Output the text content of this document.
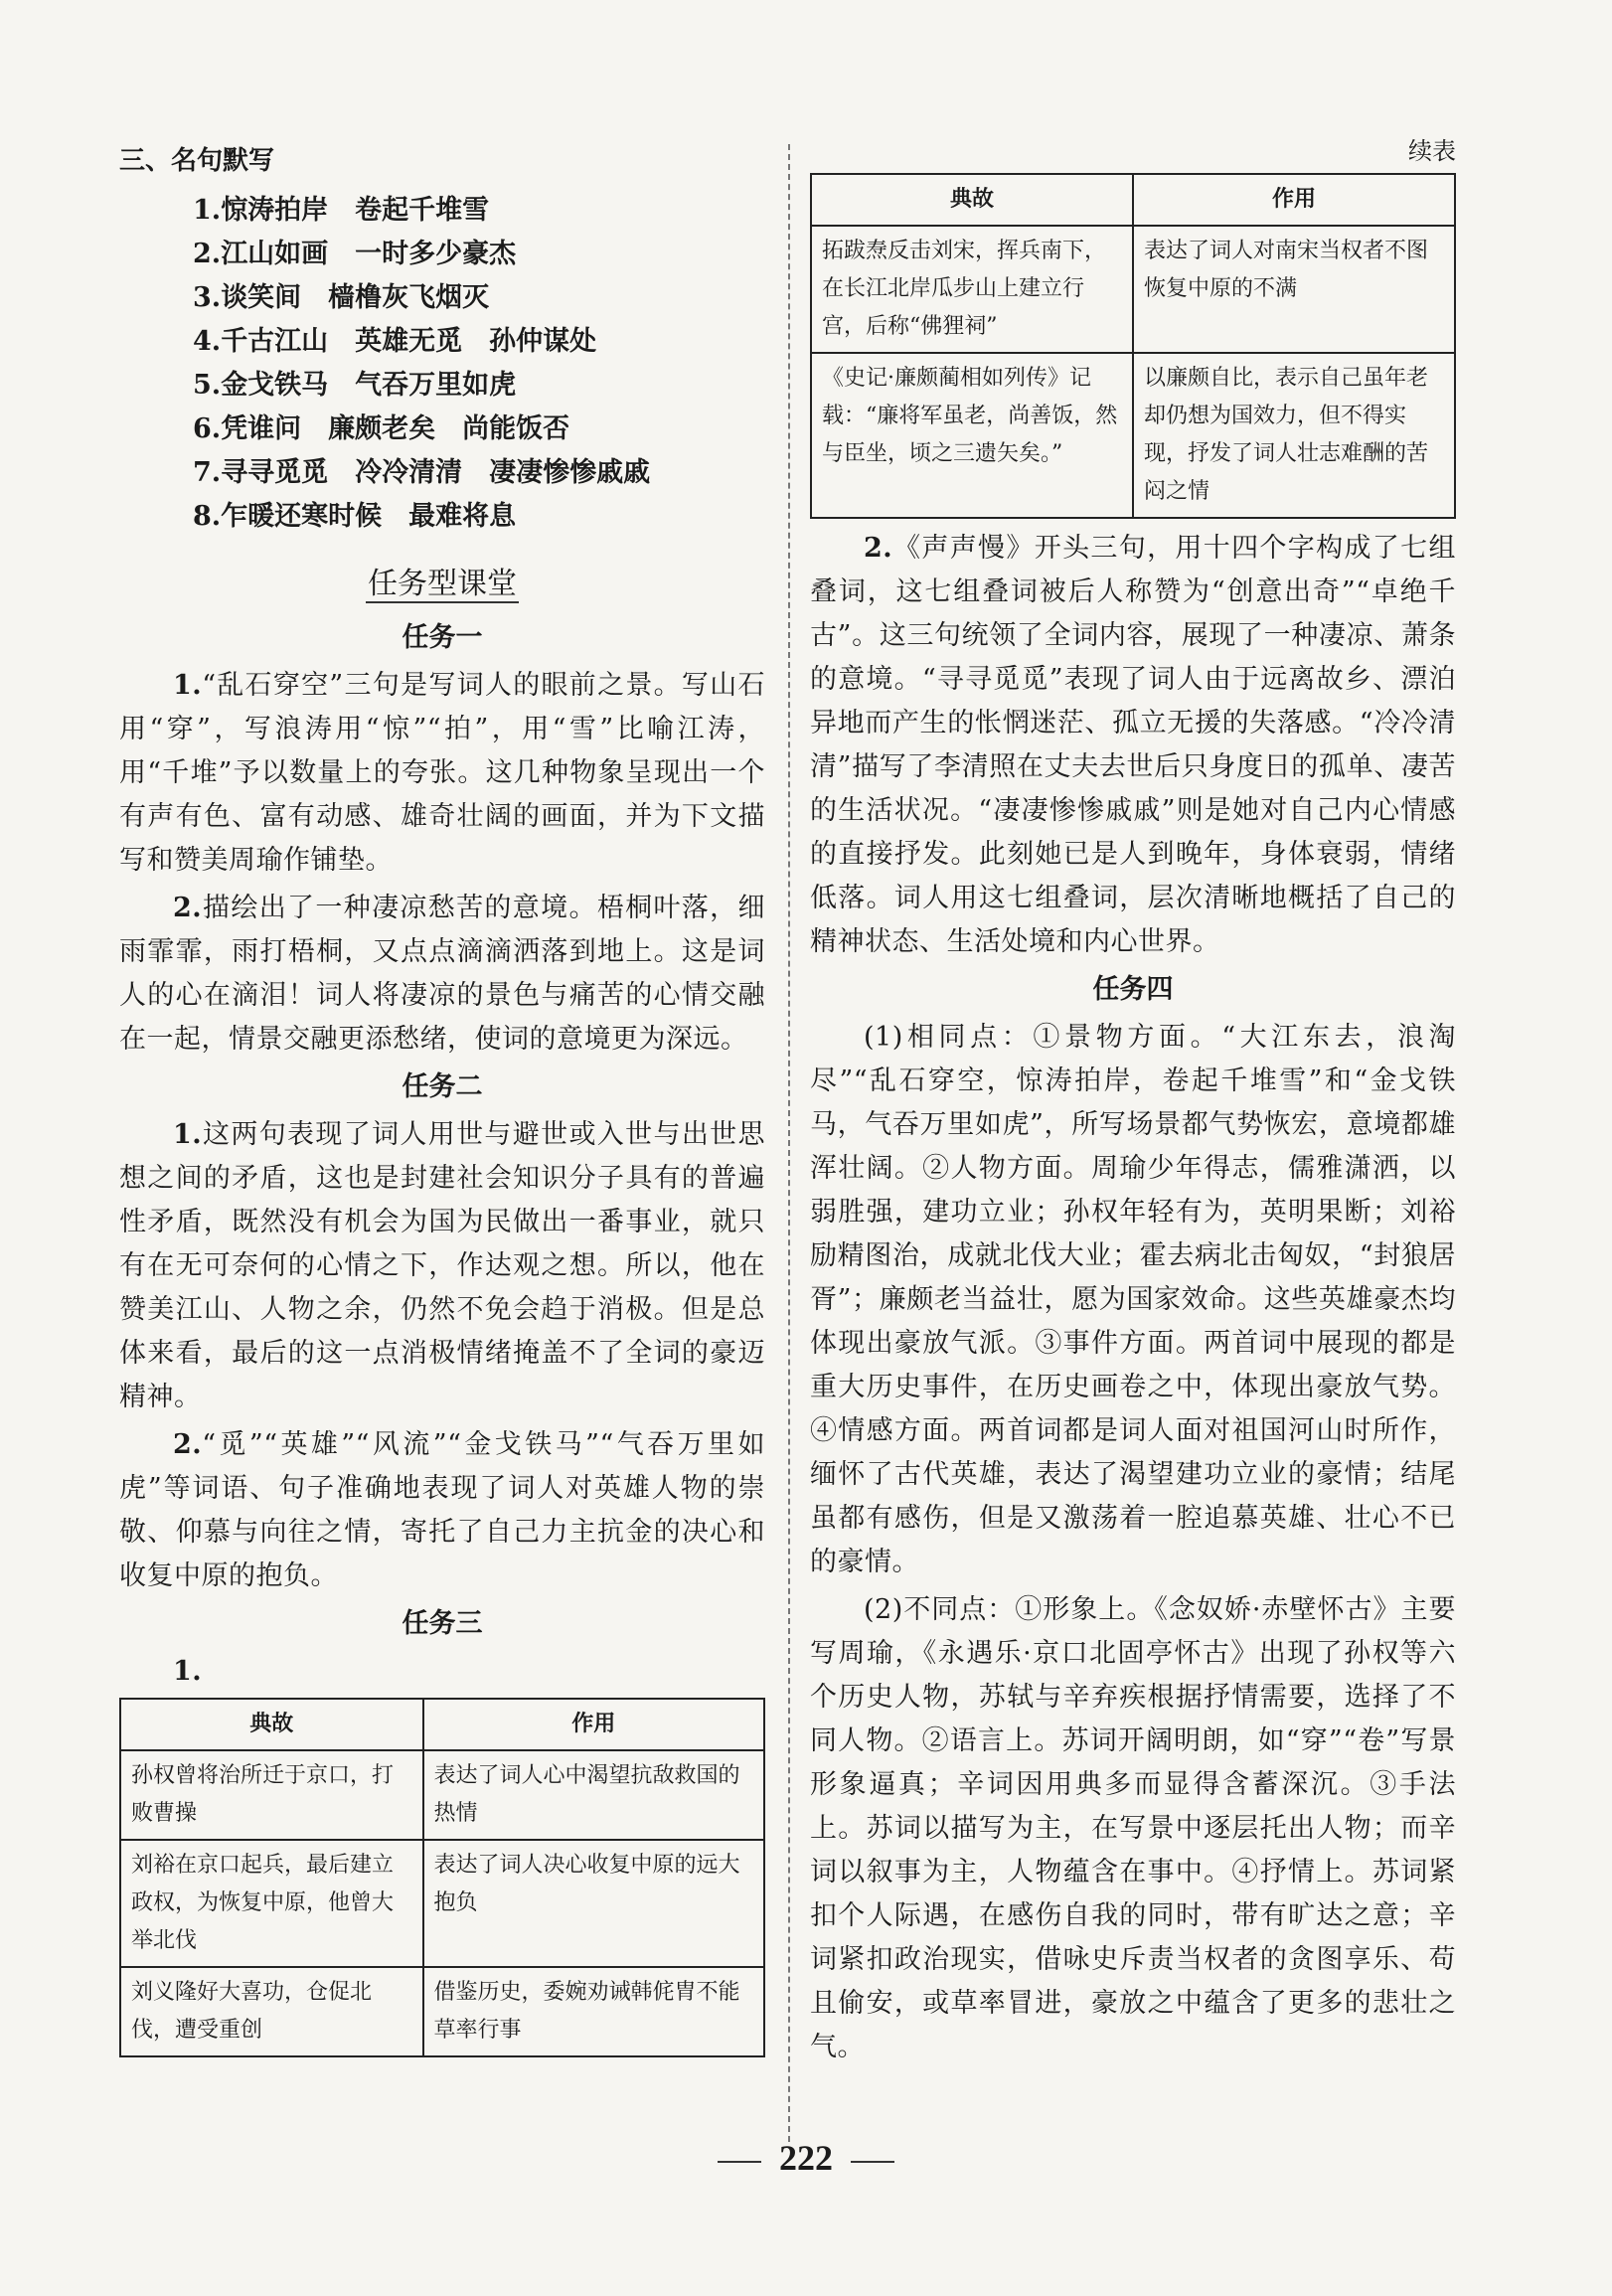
三、名句默写
1.惊涛拍岸　卷起千堆雪
2.江山如画　一时多少豪杰
3.谈笑间　樯橹灰飞烟灭
4.千古江山　英雄无觅　孙仲谋处
5.金戈铁马　气吞万里如虎
6.凭谁问　廉颇老矣　尚能饭否
7.寻寻觅觅　冷冷清清　凄凄惨惨戚戚
8.乍暖还寒时候　最难将息
任务型课堂
任务一

1.“乱石穿空”三句是写词人的眼前之景。写山石用“穿”，写浪涛用“惊”“拍”，用“雪”比喻江涛，用“千堆”予以数量上的夸张。这几种物象呈现出一个有声有色、富有动感、雄奇壮阔的画面，并为下文描写和赞美周瑜作铺垫。

2.描绘出了一种凄凉愁苦的意境。梧桐叶落，细雨霏霏，雨打梧桐，又点点滴滴洒落到地上。这是词人的心在滴泪！词人将凄凉的景色与痛苦的心情交融在一起，情景交融更添愁绪，使词的意境更为深远。

任务二

1.这两句表现了词人用世与避世或入世与出世思想之间的矛盾，这也是封建社会知识分子具有的普遍性矛盾，既然没有机会为国为民做出一番事业，就只有在无可奈何的心情之下，作达观之想。所以，他在赞美江山、人物之余，仍然不免会趋于消极。但是总体来看，最后的这一点消极情绪掩盖不了全词的豪迈精神。

2.“觅”“英雄”“风流”“金戈铁马”“气吞万里如虎”等词语、句子准确地表现了词人对英雄人物的崇敬、仰慕与向往之情，寄托了自己力主抗金的决心和收复中原的抱负。

任务三

1.

典故	作用
孙权曾将治所迁于京口，打败曹操	表达了词人心中渴望抗敌救国的热情
刘裕在京口起兵，最后建立政权，为恢复中原，他曾大举北伐	表达了词人决心收复中原的远大抱负
刘义隆好大喜功，仓促北伐，遭受重创	借鉴历史，委婉劝诫韩侂胄不能草率行事
续表
典故	作用
拓跋焘反击刘宋，挥兵南下，在长江北岸瓜步山上建立行宫，后称“佛狸祠”	表达了词人对南宋当权者不图恢复中原的不满
《史记·廉颇蔺相如列传》记载：“廉将军虽老，尚善饭，然与臣坐，顷之三遗矢矣。”	以廉颇自比，表示自己虽年老却仍想为国效力，但不得实现，抒发了词人壮志难酬的苦闷之情

2.《声声慢》开头三句，用十四个字构成了七组叠词，这七组叠词被后人称赞为“创意出奇”“卓绝千古”。这三句统领了全词内容，展现了一种凄凉、萧条的意境。“寻寻觅觅”表现了词人由于远离故乡、漂泊异地而产生的怅惘迷茫、孤立无援的失落感。“冷冷清清”描写了李清照在丈夫去世后只身度日的孤单、凄苦的生活状况。“凄凄惨惨戚戚”则是她对自己内心情感的直接抒发。此刻她已是人到晚年，身体衰弱，情绪低落。词人用这七组叠词，层次清晰地概括了自己的精神状态、生活处境和内心世界。

任务四

(1)相同点：①景物方面。“大江东去，浪淘尽”“乱石穿空，惊涛拍岸，卷起千堆雪”和“金戈铁马，气吞万里如虎”，所写场景都气势恢宏，意境都雄浑壮阔。②人物方面。周瑜少年得志，儒雅潇洒，以弱胜强，建功立业；孙权年轻有为，英明果断；刘裕励精图治，成就北伐大业；霍去病北击匈奴，“封狼居胥”；廉颇老当益壮，愿为国家效命。这些英雄豪杰均体现出豪放气派。③事件方面。两首词中展现的都是重大历史事件，在历史画卷之中，体现出豪放气势。④情感方面。两首词都是词人面对祖国河山时所作，缅怀了古代英雄，表达了渴望建功立业的豪情；结尾虽都有感伤，但是又激荡着一腔追慕英雄、壮心不已的豪情。

(2)不同点：①形象上。《念奴娇·赤壁怀古》主要写周瑜，《永遇乐·京口北固亭怀古》出现了孙权等六个历史人物，苏轼与辛弃疾根据抒情需要，选择了不同人物。②语言上。苏词开阔明朗，如“穿”“卷”写景形象逼真；辛词因用典多而显得含蓄深沉。③手法上。苏词以描写为主，在写景中逐层托出人物；而辛词以叙事为主，人物蕴含在事中。④抒情上。苏词紧扣个人际遇，在感伤自我的同时，带有旷达之意；辛词紧扣政治现实，借咏史斥责当权者的贪图享乐、苟且偷安，或草率冒进，豪放之中蕴含了更多的悲壮之气。

222
